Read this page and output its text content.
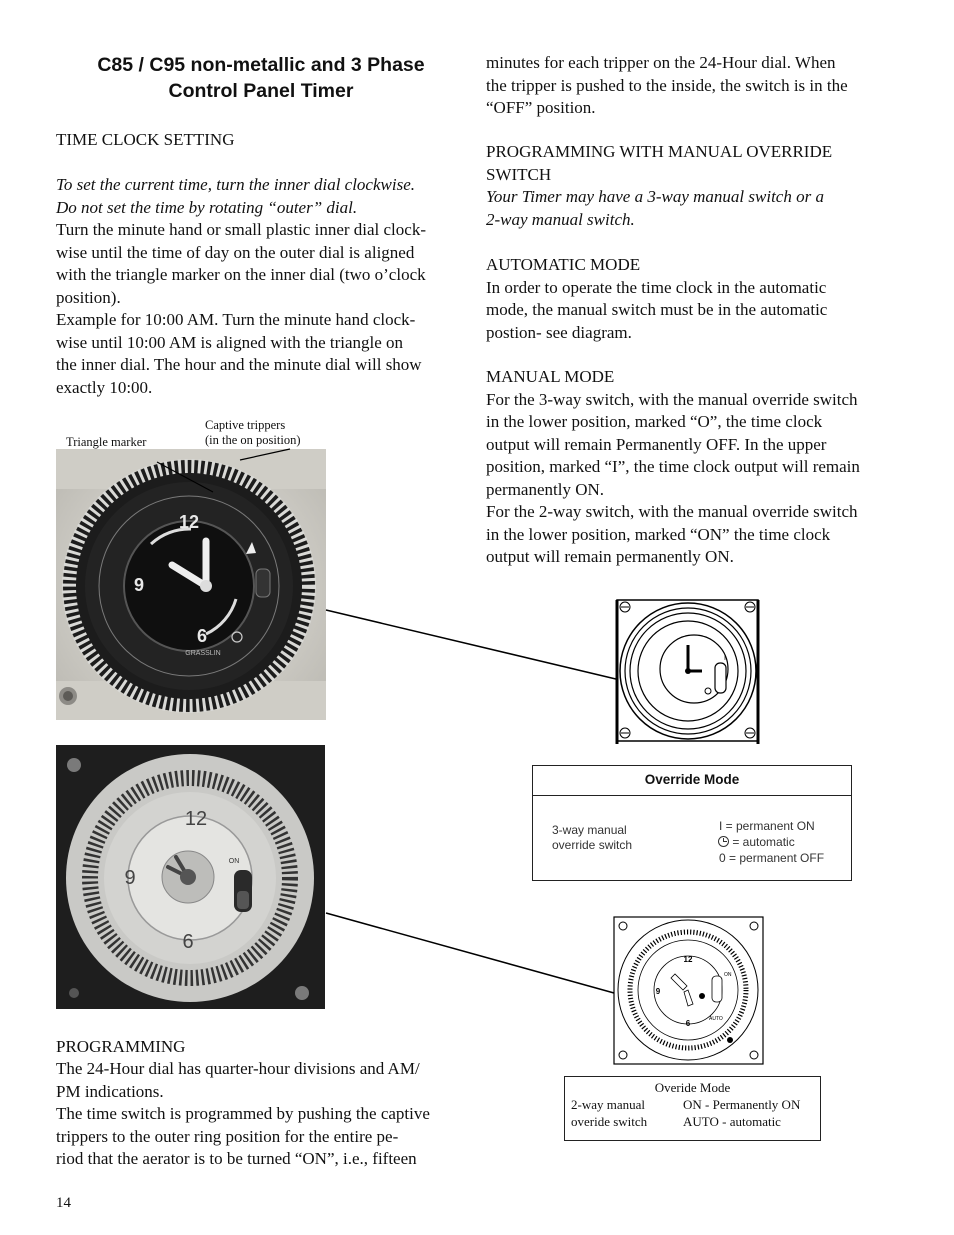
C85 / C95 non-metallic and 3 Phase
Control Panel Timer
TIME CLOCK SETTING
To set the current time, turn the inner dial clockwise.
Do not set the time by rotating “outer” dial.
Turn the minute hand or small plastic inner dial clock-
wise until the time of day on the outer dial is aligned
with the triangle marker on the inner dial (two o’clock
position).
Example for 10:00 AM. Turn the minute hand clock-
wise until 10:00 AM is aligned with the triangle on
the inner dial. The hour and the minute dial will show
exactly 10:00.
Triangle marker
Captive trippers
(in the on position)
12
9
6
GRASSLIN
12
9
6
ON
PROGRAMMING
The 24-Hour dial has quarter-hour divisions and AM/
PM indications.
The time switch is programmed by pushing the captive
trippers to the outer ring position for the entire pe-
riod that the aerator is to be turned “ON”, i.e., fifteen
14
minutes for each tripper on the 24-Hour dial. When
the tripper is pushed to the inside, the switch is in the
“OFF” position.
PROGRAMMING WITH MANUAL OVERRIDE
SWITCH
Your Timer may have a 3-way manual switch or a
2-way manual switch.
AUTOMATIC MODE
In order to operate the time clock in the automatic
mode, the manual switch must be in the automatic
postion- see diagram.
MANUAL MODE
For the 3-way switch, with the manual override switch
in the lower position, marked “O”, the time clock
output will remain Permanently OFF. In the upper
position, marked “I”, the time clock output will remain
permanently ON.
For the 2-way switch, with the manual override switch
in the lower position, marked “ON” the time clock
output will remain permanently ON.
I
Override Mode
3-way manual
override switch
I = permanent ON
= automatic
0 = permanent OFF
12
6
9
ON
AUTO
Overide Mode
2-way manual
overide switch
ON - Permanently ON
AUTO - automatic
